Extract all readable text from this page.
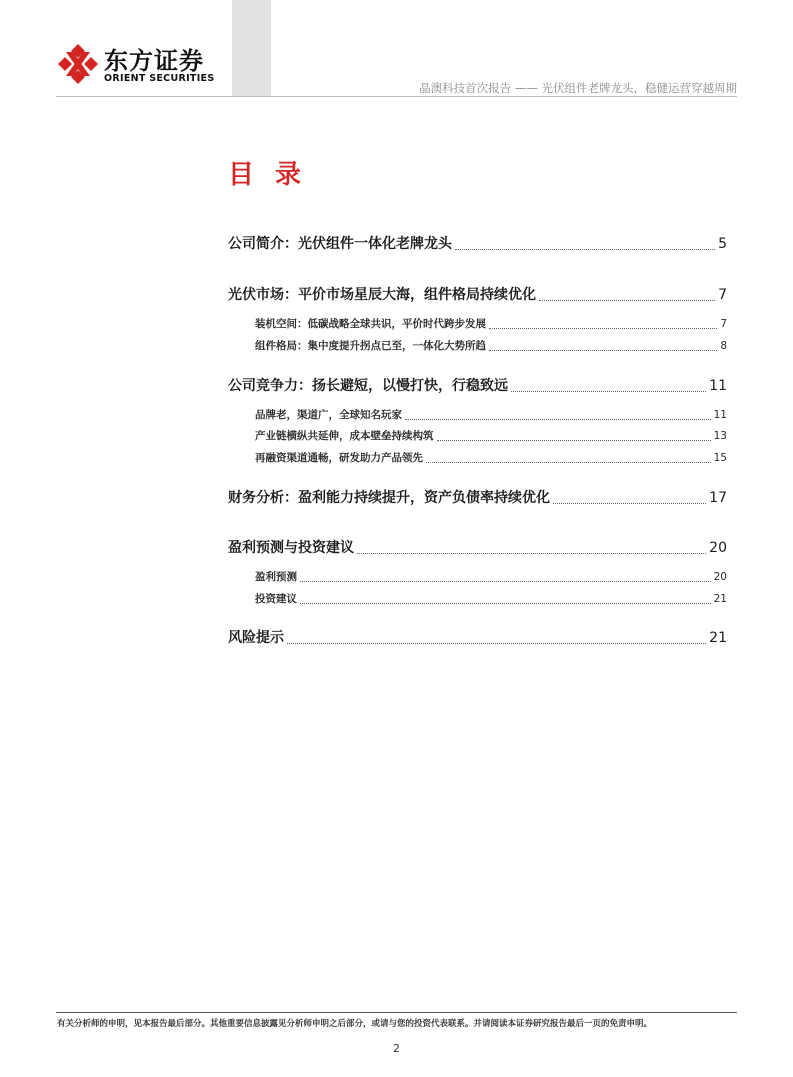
东方证券
ORIENT SECURITIES
晶澳科技首次报告 —— 光伏组件老牌龙头，稳健运营穿越周期
目 录
公司简介：光伏组件一体化老牌龙头	5
光伏市场：平价市场星辰大海，组件格局持续优化	7
装机空间：低碳战略全球共识，平价时代跨步发展	7
组件格局：集中度提升拐点已至，一体化大势所趋	8
公司竞争力：扬长避短，以慢打快，行稳致远	11
品牌老，渠道广，全球知名玩家	11
产业链横纵共延伸，成本壁垒持续构筑	13
再融资渠道通畅，研发助力产品领先	15
财务分析：盈利能力持续提升，资产负债率持续优化	17
盈利预测与投资建议	20
盈利预测	20
投资建议	21
风险提示	21
有关分析师的申明，见本报告最后部分。其他重要信息披露见分析师申明之后部分，或请与您的投资代表联系。并请阅读本证券研究报告最后一页的免责申明。
2
